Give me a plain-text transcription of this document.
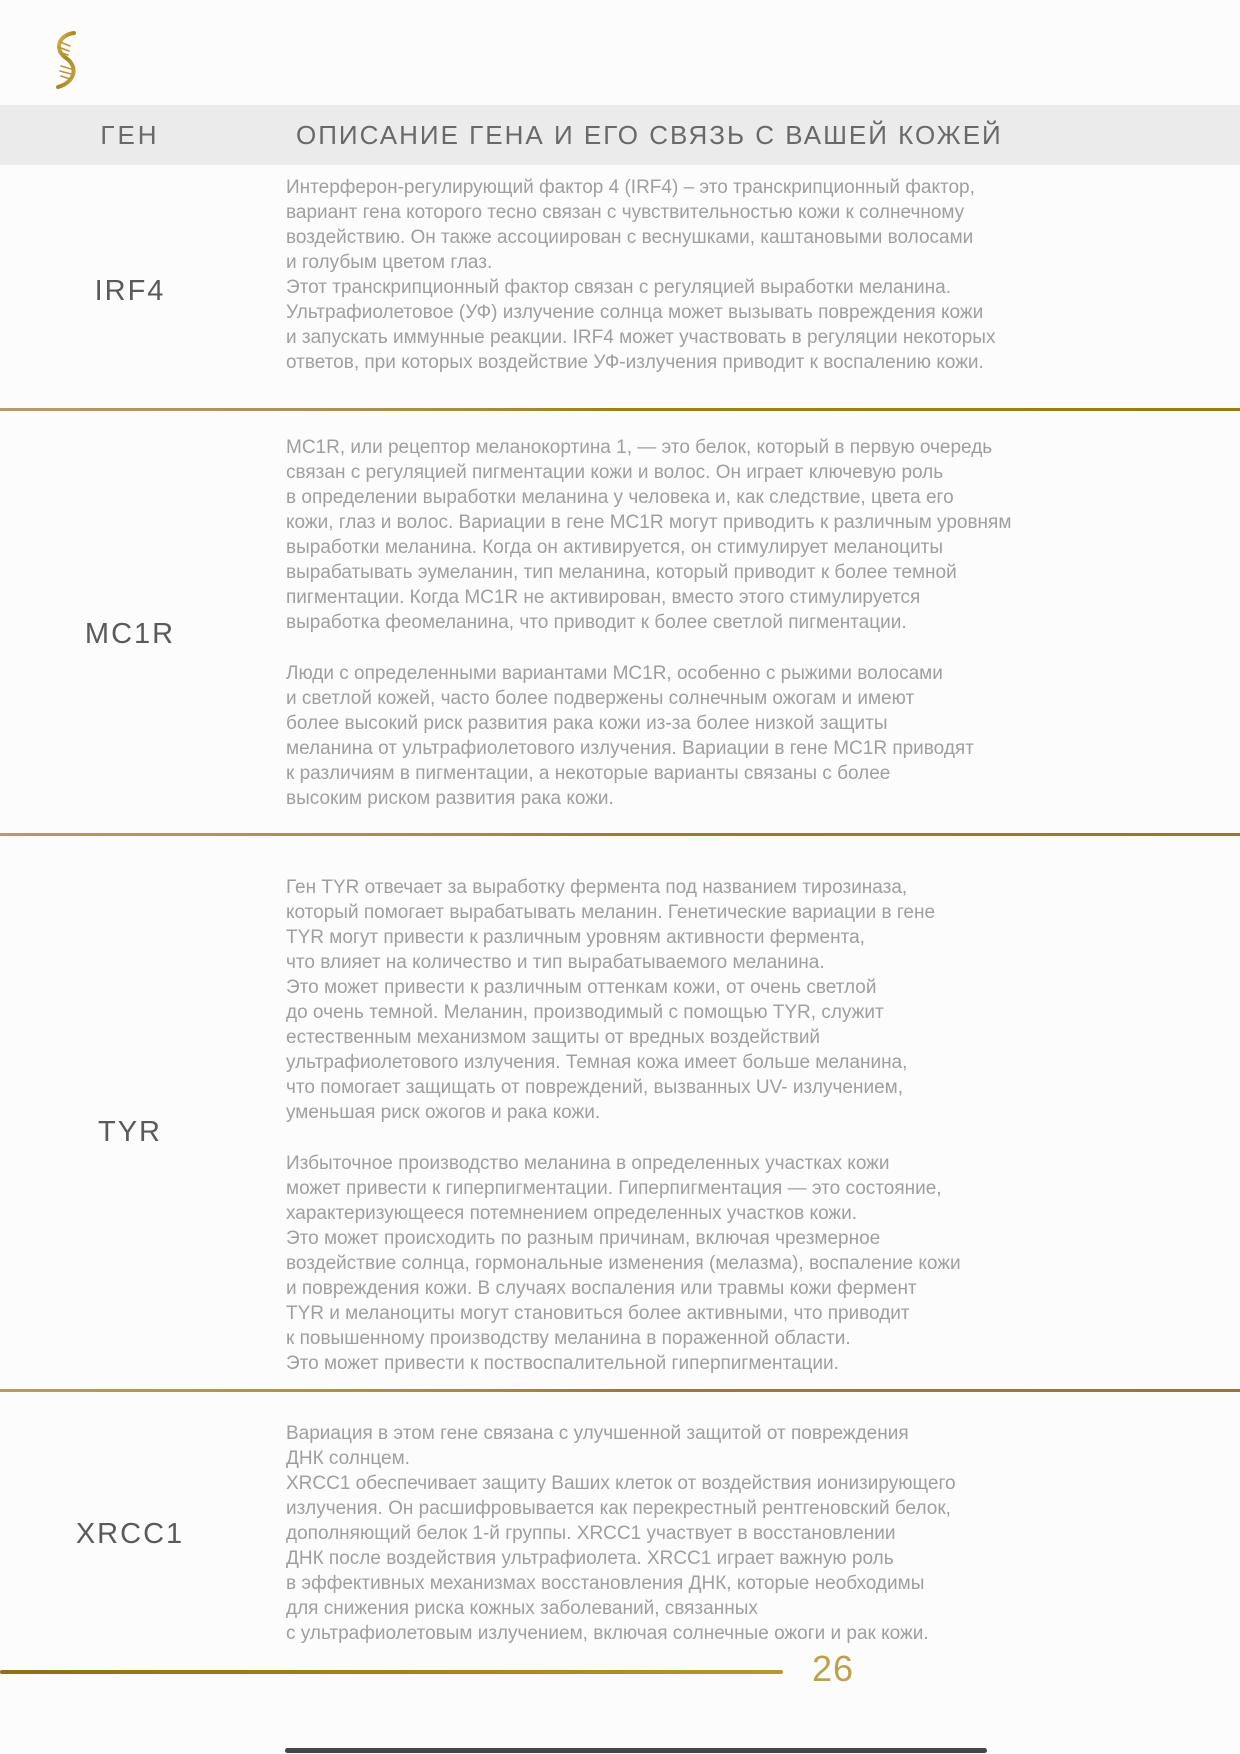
ГЕН	ОПИСАНИЕ ГЕНА И ЕГО СВЯЗЬ С ВАШЕЙ КОЖЕЙ
IRF4
Интерферон-регулирующий фактор 4 (IRF4) – это транскрипционный фактор,
вариант гена которого тесно связан с чувствительностью кожи к солнечному
воздействию. Он также ассоциирован с веснушками, каштановыми волосами
и голубым цветом глаз.
Этот транскрипционный фактор связан с регуляцией выработки меланина.
Ультрафиолетовое (УФ) излучение солнца может вызывать повреждения кожи
и запускать иммунные реакции. IRF4 может участвовать в регуляции некоторых
ответов, при которых воздействие УФ-излучения приводит к воспалению кожи.
MC1R
MC1R, или рецептор меланокортина 1, — это белок, который в первую очередь
связан с регуляцией пигментации кожи и волос. Он играет ключевую роль
в определении выработки меланина у человека и, как следствие, цвета его
кожи, глаз и волос. Вариации в гене MC1R могут приводить к различным уровням
выработки меланина. Когда он активируется, он стимулирует меланоциты
вырабатывать эумеланин, тип меланина, который приводит к более темной
пигментации. Когда MC1R не активирован, вместо этого стимулируется
выработка феомеланина, что приводит к более светлой пигментации.
Люди с определенными вариантами MC1R, особенно с рыжими волосами
и светлой кожей, часто более подвержены солнечным ожогам и имеют
более высокий риск развития рака кожи из-за более низкой защиты
меланина от ультрафиолетового излучения. Вариации в гене MC1R приводят
к различиям в пигментации, а некоторые варианты связаны с более
высоким риском развития рака кожи.
TYR
Ген TYR отвечает за выработку фермента под названием тирозиназа,
который помогает вырабатывать меланин. Генетические вариации в гене
TYR могут привести к различным уровням активности фермента,
что влияет на количество и тип вырабатываемого меланина.
Это может привести к различным оттенкам кожи, от очень светлой
до очень темной. Меланин, производимый с помощью TYR, служит
естественным механизмом защиты от вредных воздействий
ультрафиолетового излучения. Темная кожа имеет больше меланина,
что помогает защищать от повреждений, вызванных UV- излучением,
уменьшая риск ожогов и рака кожи.
Избыточное производство меланина в определенных участках кожи
может привести к гиперпигментации. Гиперпигментация — это состояние,
характеризующееся потемнением определенных участков кожи.
Это может происходить по разным причинам, включая чрезмерное
воздействие солнца, гормональные изменения (мелазма), воспаление кожи
и повреждения кожи. В случаях воспаления или травмы кожи фермент
TYR и меланоциты могут становиться более активными, что приводит
к повышенному производству меланина в пораженной области.
Это может привести к поствоспалительной гиперпигментации.
XRCC1
Вариация в этом гене связана с улучшенной защитой от повреждения
ДНК солнцем.
XRCC1 обеспечивает защиту Ваших клеток от воздействия ионизирующего
излучения. Он расшифровывается как перекрестный рентгеновский белок,
дополняющий белок 1-й группы. XRCC1 участвует в восстановлении
ДНК после воздействия ультрафиолета. XRCC1 играет важную роль
в эффективных механизмах восстановления ДНК, которые необходимы
для снижения риска кожных заболеваний, связанных
с ультрафиолетовым излучением, включая солнечные ожоги и рак кожи.
26
